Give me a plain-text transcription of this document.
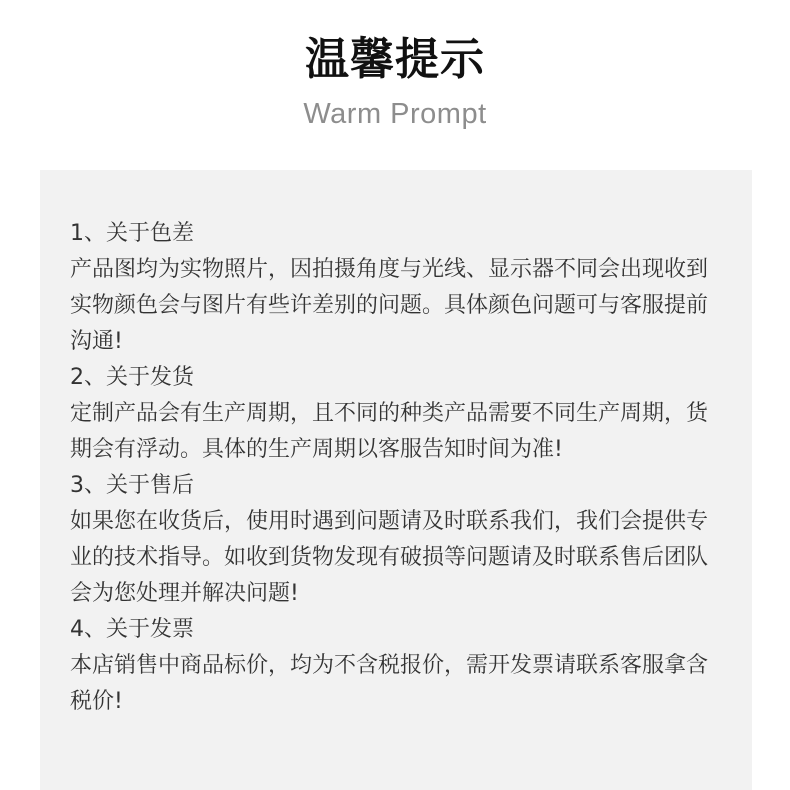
温馨提示
Warm Prompt
1、关于色差
产品图均为实物照片，因拍摄角度与光线、显示器不同会出现收到实物颜色会与图片有些许差别的问题。具体颜色问题可与客服提前沟通!
2、关于发货
定制产品会有生产周期，且不同的种类产品需要不同生产周期，货期会有浮动。具体的生产周期以客服告知时间为准!
3、关于售后
如果您在收货后，使用时遇到问题请及时联系我们，我们会提供专业的技术指导。如收到货物发现有破损等问题请及时联系售后团队会为您处理并解决问题!
4、关于发票
本店销售中商品标价，均为不含税报价，需开发票请联系客服拿含税价!
